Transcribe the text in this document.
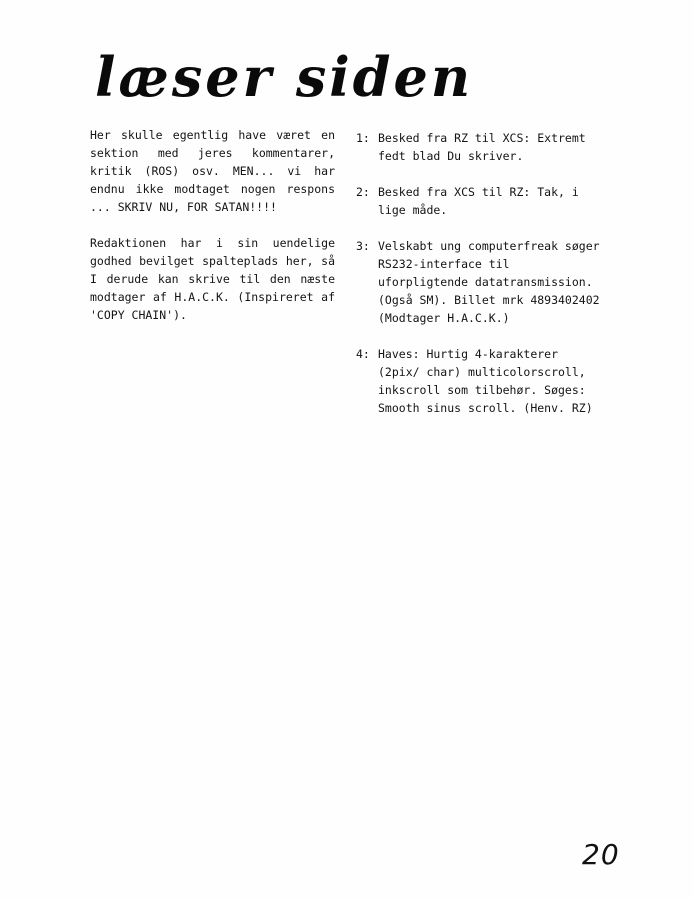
læser siden

Her skulle egentlig have været en sektion med jeres kommentarer, kritik (ROS) osv. MEN... vi har endnu ikke modtaget nogen respons ... SKRIV NU, FOR SATAN!!!!

Redaktionen har i sin uendelige godhed bevilget spalteplads her, så I derude kan skrive til den næste modtager af H.A.C.K. (Inspireret af 'COPY CHAIN').

1: Besked fra RZ til XCS: Extremt fedt blad Du skriver.
2: Besked fra XCS til RZ: Tak, i lige måde.
3: Velskabt ung computerfreak søger RS232-interface til uforpligtende datatransmission. (Også SM). Billet mrk 4893402402 (Modtager H.A.C.K.)
4: Haves: Hurtig 4-karakterer (2pix/ char) multicolorscroll, inkscroll som tilbehør. Søges: Smooth sinus scroll. (Henv. RZ)
20
